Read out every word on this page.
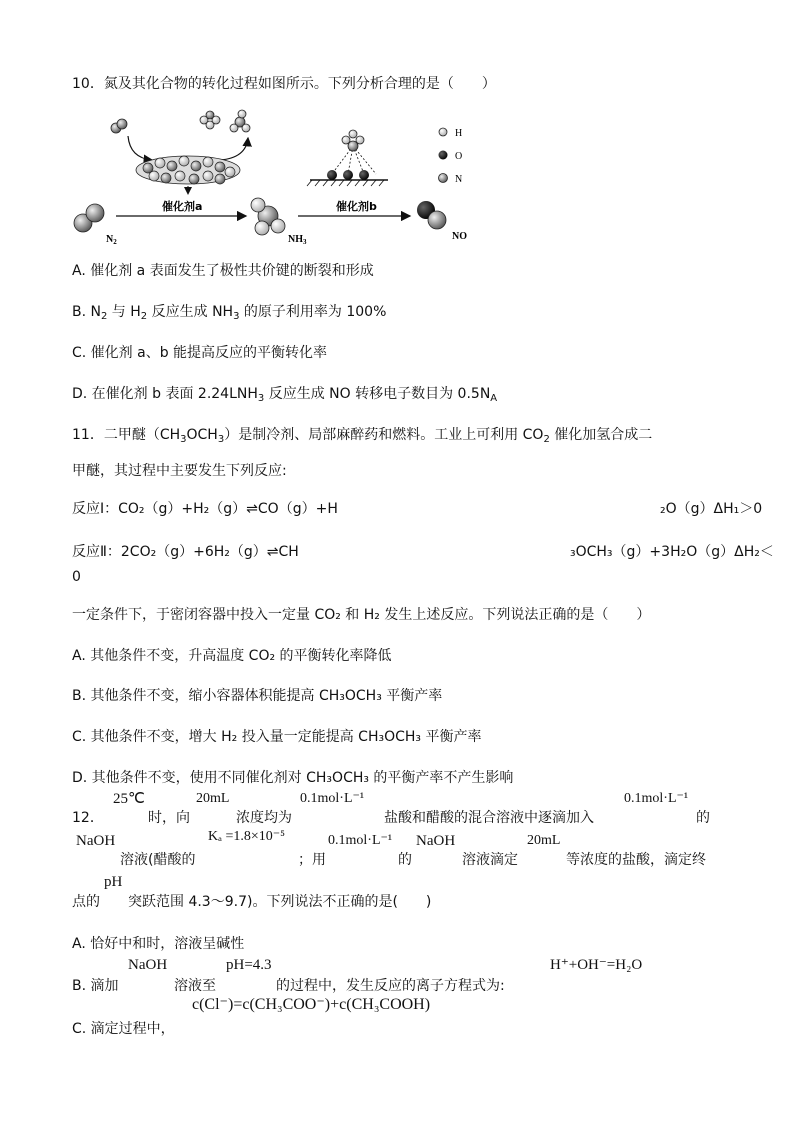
10．氮及其化合物的转化过程如图所示。下列分析合理的是（　　）
H
O
N
$N_2$
催化剂a
$NH_3$
催化剂b
NO
A. 催化剂 a 表面发生了极性共价键的断裂和形成
B. $N_2$ 与 $H_2$ 反应生成 $NH_3$ 的原子利用率为 100%
C. 催化剂 a、b 能提高反应的平衡转化率
D. 在催化剂 b 表面 $2.24LNH_3$ 反应生成 NO 转移电子数目为 $0.5N_A$
11．二甲醚$(CH_3OCH_3)$是制冷剂、局部麻醉药和燃料。工业上可利用 $CO_2$ 催化加氢合成二
甲醚，其过程中主要发生下列反应:
反应Ⅰ：CO₂（g）+H₂（g）⇌CO（g）+H	₂O（g）ΔH₁＞0
反应Ⅱ：2CO₂（g）+6H₂（g）⇌CH	₃OCH₃（g）+3H₂O（g）ΔH₂＜
0
一定条件下，于密闭容器中投入一定量 CO₂ 和 H₂ 发生上述反应。下列说法正确的是（　　）
A. 其他条件不变，升高温度 CO₂ 的平衡转化率降低
B. 其他条件不变，缩小容器体积能提高 CH₃OCH₃ 平衡产率
C. 其他条件不变，增大 H₂ 投入量一定能提高 CH₃OCH₃ 平衡产率
D. 其他条件不变，使用不同催化剂对 CH₃OCH₃ 的平衡产率不产生影响
25℃	20mL	0.1mol·L⁻¹	0.1mol·L⁻¹
12．	时，向	浓度均为	盐酸和醋酸的混合溶液中逐滴加入	的
NaOH	Kₐ =1.8×10⁻⁵	0.1mol·L⁻¹ NaOH	20mL
溶液(醋酸的	；用	的	溶液滴定	等浓度的盐酸，滴定终
pH
点的　　突跃范围 4.3～9.7)。下列说法不正确的是(　　)
A. 恰好中和时，溶液呈碱性
NaOH	pH=4.3	H⁺+OH⁻=H₂O
B. 滴加	溶液至	的过程中，发生反应的离子方程式为:
c(Cl⁻)=c(CH₃COO⁻)+c(CH₃COOH)
C. 滴定过程中，
